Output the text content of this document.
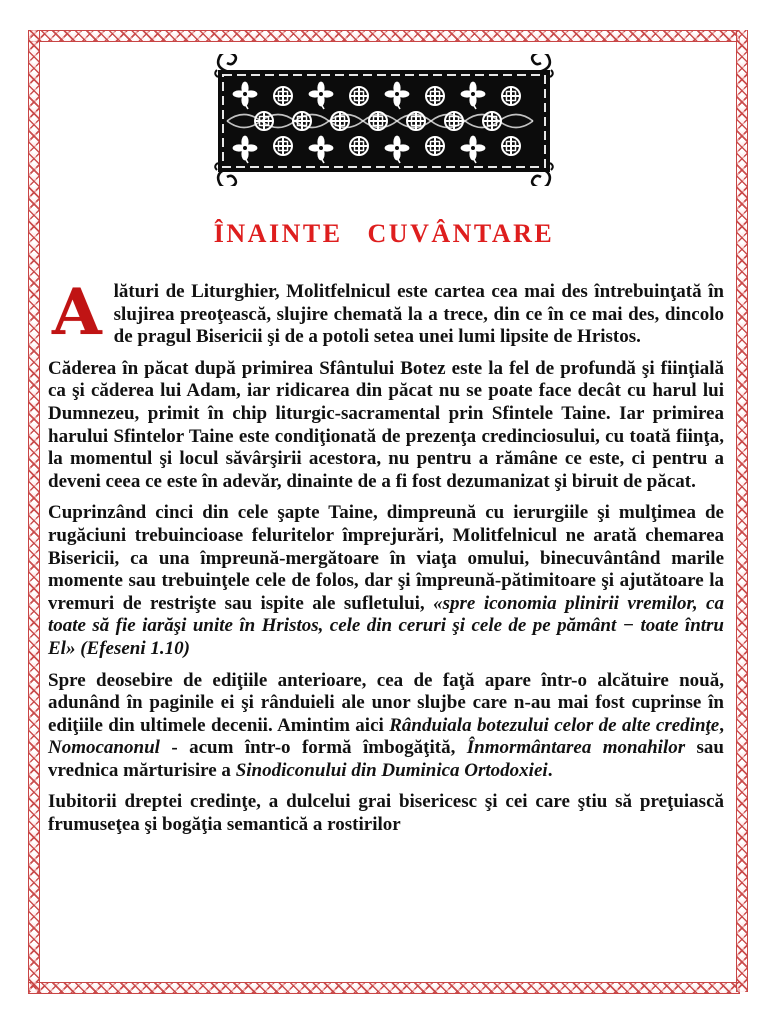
ÎNAINTE CUVÂNTARE

Alături de Liturghier, Molitfelnicul este cartea cea mai des întrebuinţată în slujirea preoţească, slujire chemată la a trece, din ce în ce mai des, dincolo de pragul Bisericii şi de a potoli setea unei lumi lipsite de Hristos.

Căderea în păcat după primirea Sfântului Botez este la fel de profundă şi fiinţială ca şi căderea lui Adam, iar ridicarea din păcat nu se poate face decât cu harul lui Dumnezeu, primit în chip liturgic-sacramental prin Sfintele Taine. Iar primirea harului Sfintelor Taine este condiţionată de prezenţa credinciosului, cu toată fiinţa, la momentul şi locul săvârşirii acestora, nu pentru a rămâne ce este, ci pentru a deveni ceea ce este în adevăr, dinainte de a fi fost dezumanizat şi biruit de păcat.

Cuprinzând cinci din cele şapte Taine, dimpreună cu ierurgiile şi mulţimea de rugăciuni trebuincioase feluritelor împrejurări, Molitfelnicul ne arată chemarea Bisericii, ca una împreună-mergătoare în viaţa omului, binecuvântând marile momente sau trebuinţele cele de folos, dar şi împreună-pătimitoare şi ajutătoare la vremuri de restrişte sau ispite ale sufletului, «spre iconomia plinirii vremilor, ca toate să fie iarăşi unite în Hristos, cele din ceruri şi cele de pe pământ − toate întru El» (Efeseni 1.10)

Spre deosebire de ediţiile anterioare, cea de faţă apare într-o alcătuire nouă, adunând în paginile ei şi rânduieli ale unor slujbe care n-au mai fost cuprinse în ediţiile din ultimele decenii. Amintim aici Rânduiala botezului celor de alte credinţe, Nomocanonul - acum într-o formă îmbogăţită, Înmormântarea monahilor sau vrednica mărturisire a Sinodiconului din Duminica Ortodoxiei.

Iubitorii dreptei credinţe, a dulcelui grai bisericesc şi cei care ştiu să preţuiască frumuseţea şi bogăţia semantică a rostirilor
